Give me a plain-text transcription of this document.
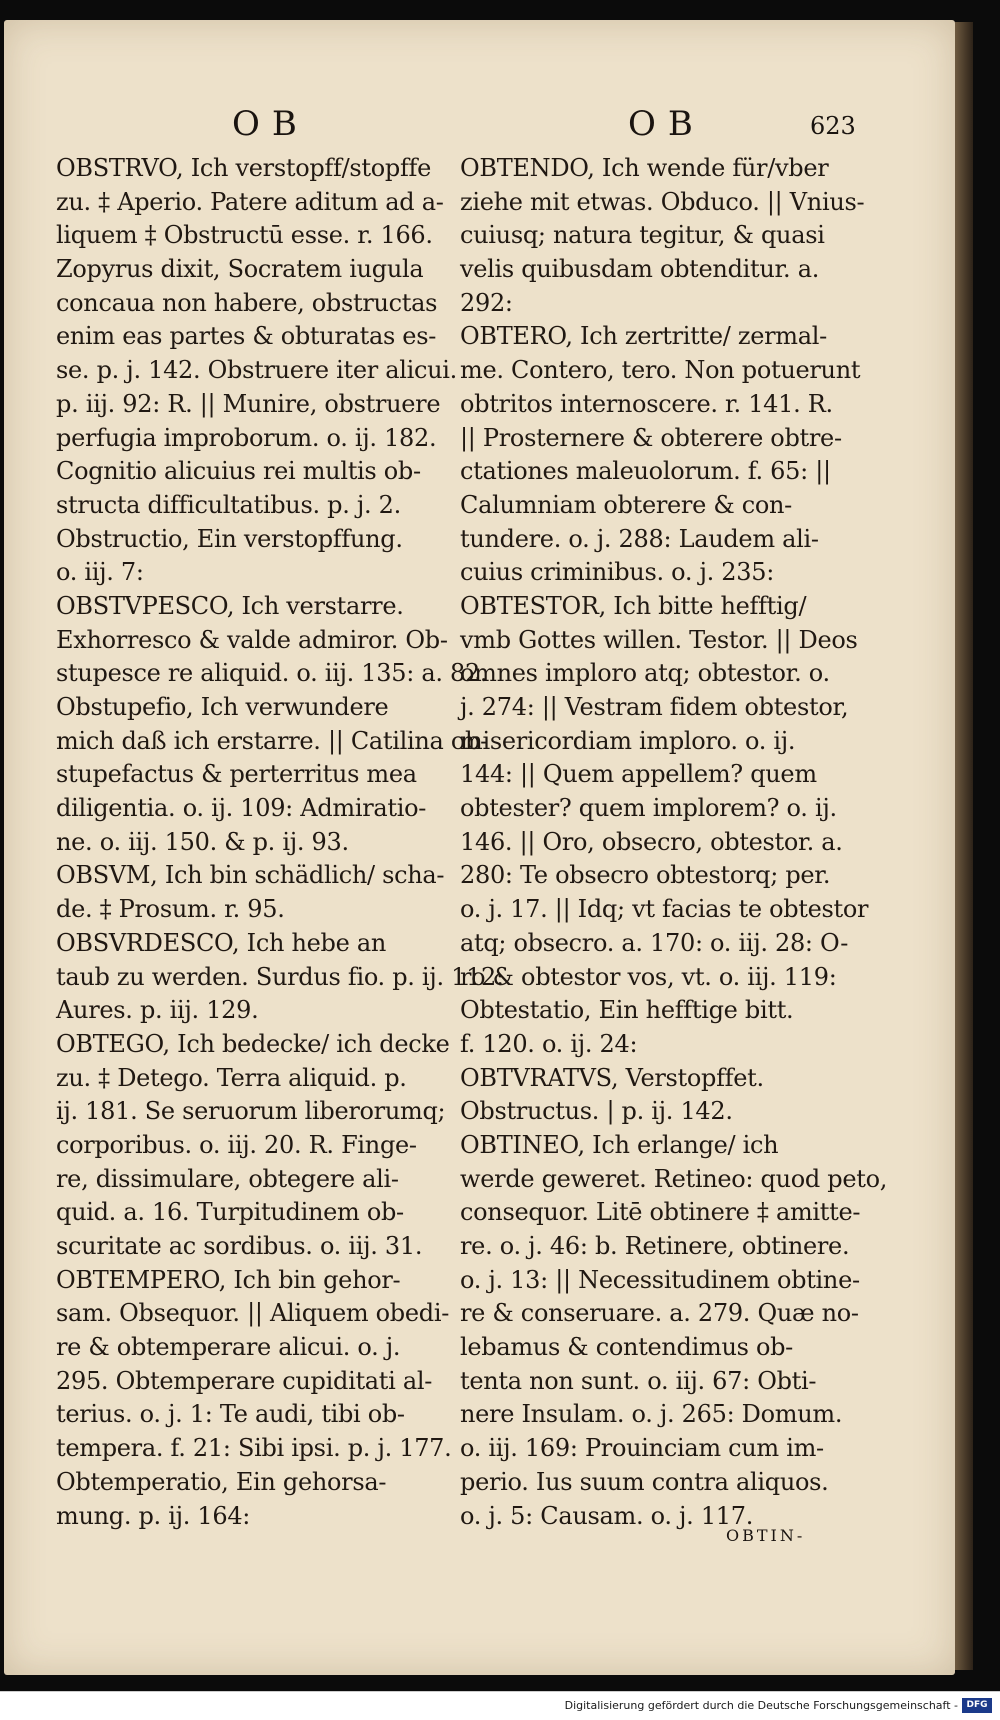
OB	OB	623
OBSTRVO, Ich verstopff/stopffe
zu. ‡ Aperio. Patere aditum ad a-
liquem ‡ Obstructū esse. r. 166.
Zopyrus dixit, Socratem iugula
concaua non habere, obstructas
enim eas partes & obturatas es-
se. p. j. 142. Obstruere iter alicui.
p. iij. 92: R. || Munire, obstruere
perfugia improborum. o. ij. 182.
Cognitio alicuius rei multis ob-
structa difficultatibus. p. j. 2.
Obstructio, Ein verstopffung.
o. iij. 7:
OBSTVPESCO, Ich verstarre.
Exhorresco & valde admiror. Ob-
stupesce re aliquid. o. iij. 135: a. 82.
Obstupefio, Ich verwundere
mich daß ich erstarre. || Catilina ob-
stupefactus & perterritus mea
diligentia. o. ij. 109: Admiratio-
ne. o. iij. 150. & p. ij. 93.
OBSVM, Ich bin schädlich/ scha-
de. ‡ Prosum. r. 95.
OBSVRDESCO, Ich hebe an
taub zu werden. Surdus fio. p. ij. 112:
Aures. p. iij. 129.
OBTEGO, Ich bedecke/ ich decke
zu. ‡ Detego. Terra aliquid. p.
ij. 181. Se seruorum liberorumq;
corporibus. o. iij. 20. R. Finge-
re, dissimulare, obtegere ali-
quid. a. 16. Turpitudinem ob-
scuritate ac sordibus. o. iij. 31.
OBTEMPERO, Ich bin gehor-
sam. Obsequor. || Aliquem obedi-
re & obtemperare alicui. o. j.
295. Obtemperare cupiditati al-
terius. o. j. 1: Te audi, tibi ob-
tempera. f. 21: Sibi ipsi. p. j. 177.
Obtemperatio, Ein gehorsa-
mung. p. ij. 164:
OBTENDO, Ich wende für/vber
ziehe mit etwas. Obduco. || Vnius-
cuiusq; natura tegitur, & quasi
velis quibusdam obtenditur. a.
292:
OBTERO, Ich zertritte/ zermal-
me. Contero, tero. Non potuerunt
obtritos internoscere. r. 141. R.
|| Prosternere & obterere obtre-
ctationes maleuolorum. f. 65: ||
Calumniam obterere & con-
tundere. o. j. 288: Laudem ali-
cuius criminibus. o. j. 235:
OBTESTOR, Ich bitte hefftig/
vmb Gottes willen. Testor. || Deos
omnes imploro atq; obtestor. o.
j. 274: || Vestram fidem obtestor,
misericordiam imploro. o. ij.
144: || Quem appellem? quem
obtester? quem implorem? o. ij.
146. || Oro, obsecro, obtestor. a.
280: Te obsecro obtestorq; per.
o. j. 17. || Idq; vt facias te obtestor
atq; obsecro. a. 170: o. iij. 28: O-
ro & obtestor vos, vt. o. iij. 119:
Obtestatio, Ein hefftige bitt.
f. 120. o. ij. 24:
OBTVRATVS, Verstopffet.
Obstructus. | p. ij. 142.
OBTINEO, Ich erlange/ ich
werde geweret. Retineo: quod peto,
consequor. Litē obtinere ‡ amitte-
re. o. j. 46: b. Retinere, obtinere.
o. j. 13: || Necessitudinem obtine-
re & conseruare. a. 279. Quæ no-
lebamus & contendimus ob-
tenta non sunt. o. iij. 67: Obti-
nere Insulam. o. j. 265: Domum.
o. iij. 169: Prouinciam cum im-
perio. Ius suum contra aliquos.
o. j. 5: Causam. o. j. 117.
OBTIN-
Digitalisierung gefördert durch die Deutsche Forschungsgemeinschaft - DFG
